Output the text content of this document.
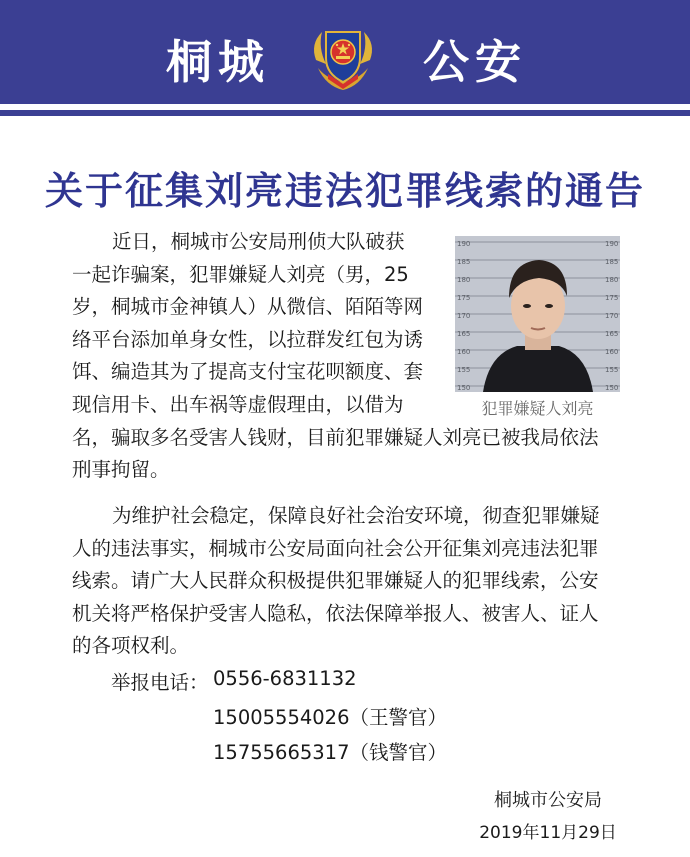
桐城	公安
关于征集刘亮违法犯罪线索的通告
近日，桐城市公安局刑侦大队破获
一起诈骗案，犯罪嫌疑人刘亮（男，25
岁，桐城市金神镇人）从微信、陌陌等网
络平台添加单身女性，以拉群发红包为诱
饵、编造其为了提高支付宝花呗额度、套
现信用卡、出车祸等虚假理由，以借为
名，骗取多名受害人钱财，目前犯罪嫌疑人刘亮已被我局依法
刑事拘留。
190
185
180
175
170
165
160
155
150
190
185
180
175
170
165
160
155
150
犯罪嫌疑人刘亮
为维护社会稳定，保障良好社会治安环境，彻查犯罪嫌疑
人的违法事实，桐城市公安局面向社会公开征集刘亮违法犯罪
线索。请广大人民群众积极提供犯罪嫌疑人的犯罪线索，公安
机关将严格保护受害人隐私，依法保障举报人、被害人、证人
的各项权利。
举报电话： 0556-6831132
15005554026（王警官）
15755665317（钱警官）
桐城市公安局
2019年11月29日
